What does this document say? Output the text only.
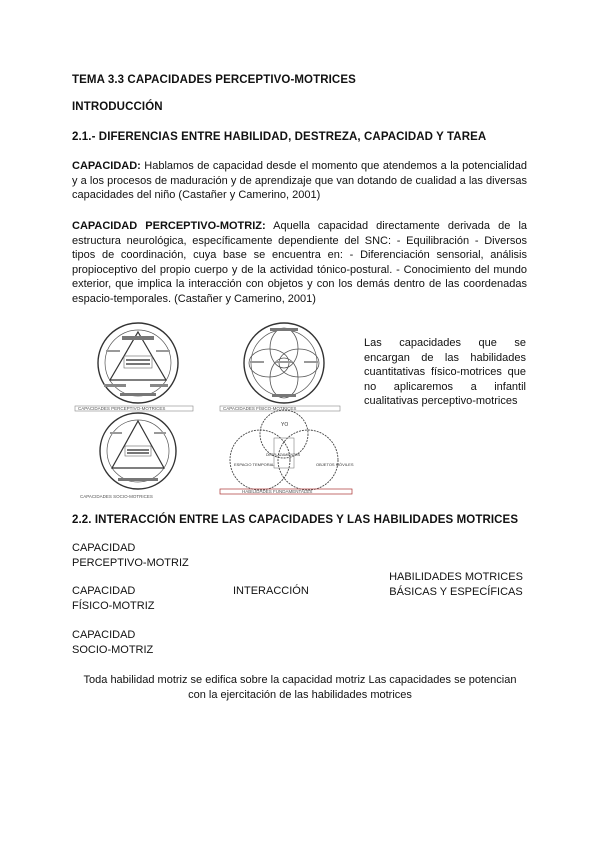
TEMA 3.3 CAPACIDADES PERCEPTIVO-MOTRICES
INTRODUCCIÓN
2.1.- DIFERENCIAS ENTRE HABILIDAD, DESTREZA, CAPACIDAD Y TAREA
CAPACIDAD: Hablamos de capacidad desde el momento que atendemos a la potencialidad y a los procesos de maduración y de aprendizaje que van dotando de cualidad a las diversas capacidades del niño (Castañer y Camerino, 2001)
CAPACIDAD PERCEPTIVO-MOTRIZ: Aquella capacidad directamente derivada de la estructura neurológica, específicamente dependiente del SNC: - Equilibración - Diversos tipos de coordinación, cuya base se encuentra en: - Diferenciación sensorial, análisis propioceptivo del propio cuerpo y de la actividad tónico-postural. - Conocimiento del mundo exterior, que implica la interacción con objetos y con los demás dentro de las coordenadas espacio-temporales. (Castañer y Camerino, 2001)
CAPACIDADES PERCEPTIVO-MOTRICES	CAPACIDADES FÍSICO-MOTRICES
CAPACIDADES SOCIO-MOTRICES
YO
ESPACIO TEMPORAL	OBJETOS MÓVILES
DESPLAZAMIENTOS
HABILIDADES FUNDAMENTALES
Las capacidades que se encargan de las habilidades cuantitativas físico-motrices que no aplicaremos a infantil cualitativas perceptivo-motrices
2.2. INTERACCIÓN ENTRE LAS CAPACIDADES Y LAS HABILIDADES MOTRICES
CAPACIDAD
PERCEPTIVO-MOTRIZ
CAPACIDAD
FÍSICO-MOTRIZ
CAPACIDAD
SOCIO-MOTRIZ
INTERACCIÓN
HABILIDADES MOTRICES
BÁSICAS Y ESPECÍFICAS
Toda habilidad motriz se edifica sobre la capacidad motriz Las capacidades se potencian
con la ejercitación de las habilidades motrices
